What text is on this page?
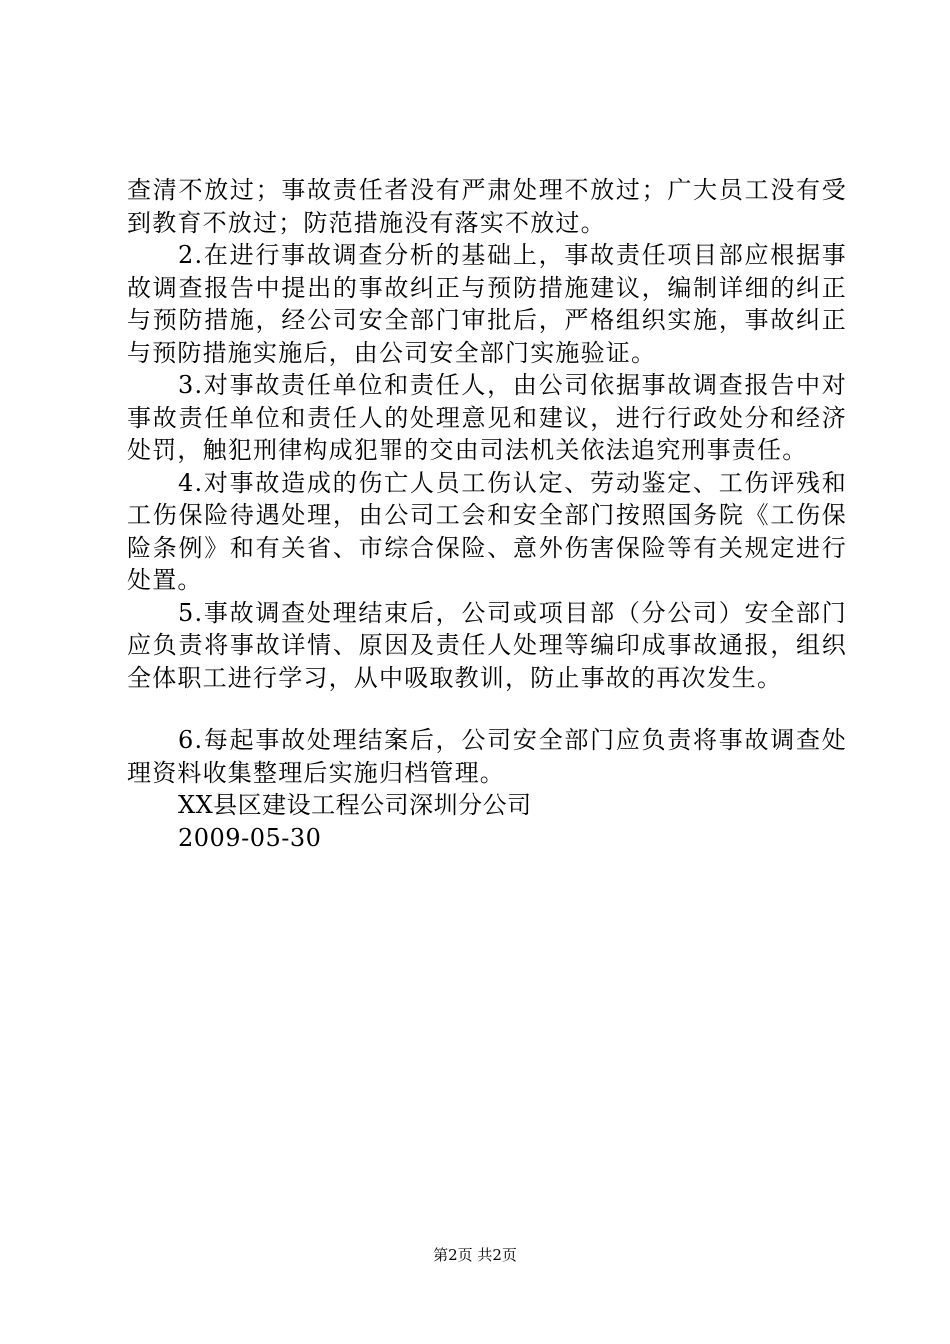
查清不放过；事故责任者没有严肃处理不放过；广大员工没有受到教育不放过；防范措施没有落实不放过。

2.在进行事故调查分析的基础上，事故责任项目部应根据事故调查报告中提出的事故纠正与预防措施建议，编制详细的纠正与预防措施，经公司安全部门审批后，严格组织实施，事故纠正与预防措施实施后，由公司安全部门实施验证。

3.对事故责任单位和责任人，由公司依据事故调查报告中对事故责任单位和责任人的处理意见和建议，进行行政处分和经济处罚，触犯刑律构成犯罪的交由司法机关依法追究刑事责任。

4.对事故造成的伤亡人员工伤认定、劳动鉴定、工伤评残和工伤保险待遇处理，由公司工会和安全部门按照国务院《工伤保险条例》和有关省、市综合保险、意外伤害保险等有关规定进行处置。

5.事故调查处理结束后，公司或项目部（分公司）安全部门应负责将事故详情、原因及责任人处理等编印成事故通报，组织全体职工进行学习，从中吸取教训，防止事故的再次发生。

6.每起事故处理结案后，公司安全部门应负责将事故调查处理资料收集整理后实施归档管理。

XX县区建设工程公司深圳分公司

2009-05-30

第2页 共2页
